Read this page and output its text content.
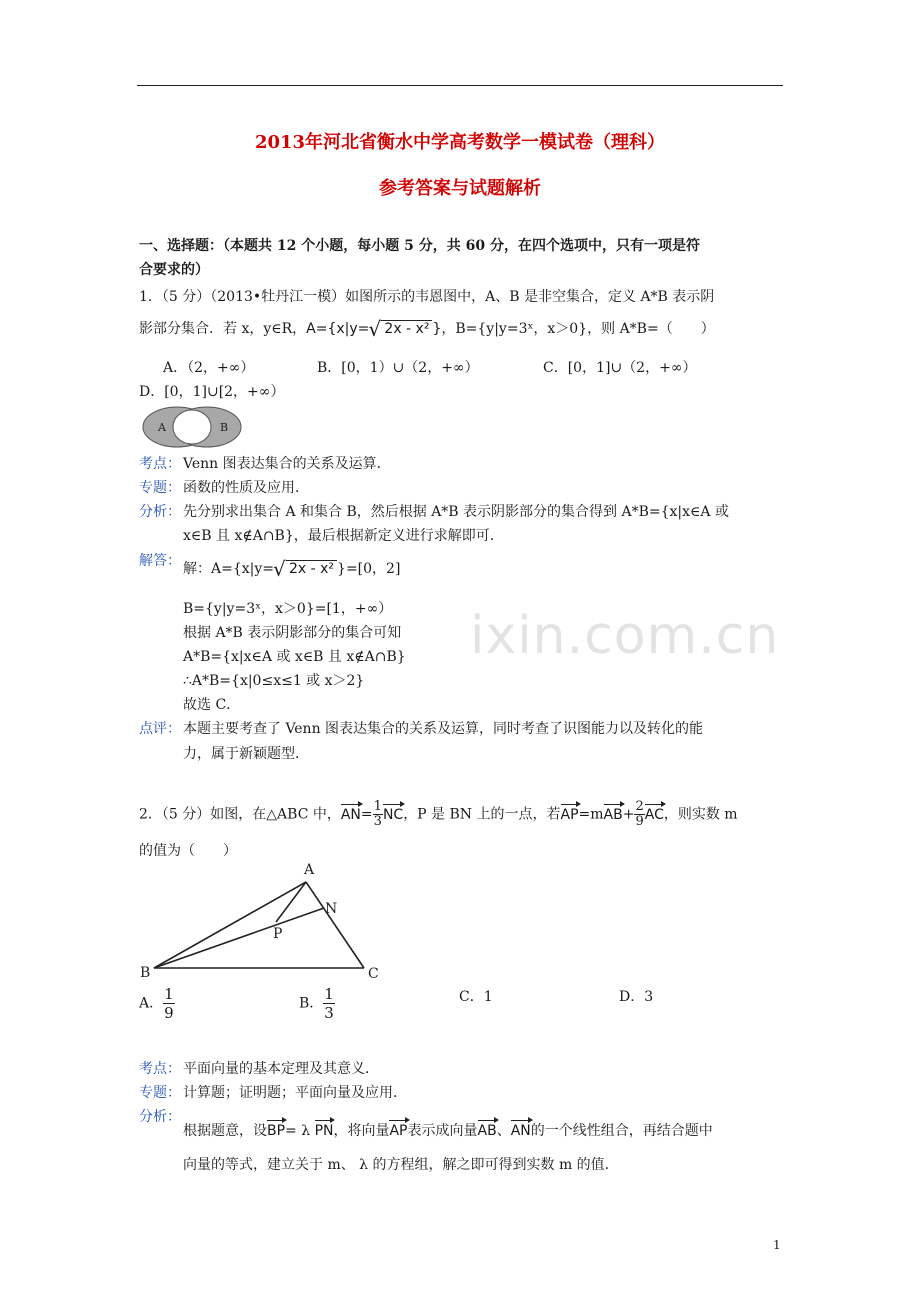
2013年河北省衡水中学高考数学一模试卷（理科）
参考答案与试题解析
ixin.com.cn
一、选择题：（本题共 12 个小题，每小题 5 分，共 60 分，在四个选项中，只有一项是符
合要求的）
1．（5 分）（2013•牡丹江一模）如图所示的韦恩图中，A、B 是非空集合，定义 A*B 表示阴
影部分集合．若 x，y∈R，A={x|y= √ 2x - x² }，B={y|y=3ˣ，x＞0}，则 A*B=（　　）
A．（2，+∞）	B．[0，1）∪（2，+∞）	C．[0，1]∪（2，+∞）
D．[0，1]∪[2，+∞）
A	B
考点： Venn 图表达集合的关系及运算．
专题： 函数的性质及应用．
分析： 先分别求出集合 A 和集合 B，然后根据 A*B 表示阴影部分的集合得到 A*B={x|x∈A 或
x∈B 且 x∉A∩B}，最后根据新定义进行求解即可．
解答： 解：A={x|y= √ 2x - x² }=[0，2]
B={y|y=3ˣ，x＞0}=[1，+∞）
根据 A*B 表示阴影部分的集合可知
A*B={x|x∈A 或 x∈B 且 x∉A∩B}
∴A*B={x|0≤x≤1 或 x＞2}
故选 C．
点评： 本题主要考查了 Venn 图表达集合的关系及运算，同时考查了识图能力以及转化的能
力，属于新颖题型．
2．（5 分）如图，在△ABC 中，$AN= \frac{1}{3}$ NC，P 是 BN 上的一点，若$AP=mAB+ \frac{2}{9}$ AC，则实数 m
的值为（　　）
A
B	C
N
P
A． $\frac{1}{9}$	B． $\frac{1}{3}$	C．1	D．3
考点： 平面向量的基本定理及其意义．
专题： 计算题；证明题；平面向量及应用．
分析：
根据题意，设BP= λ PN，将向量AP表示成向量AB、AN的一个线性组合，再结合题中
向量的等式，建立关于 m、 λ 的方程组，解之即可得到实数 m 的值．
1
